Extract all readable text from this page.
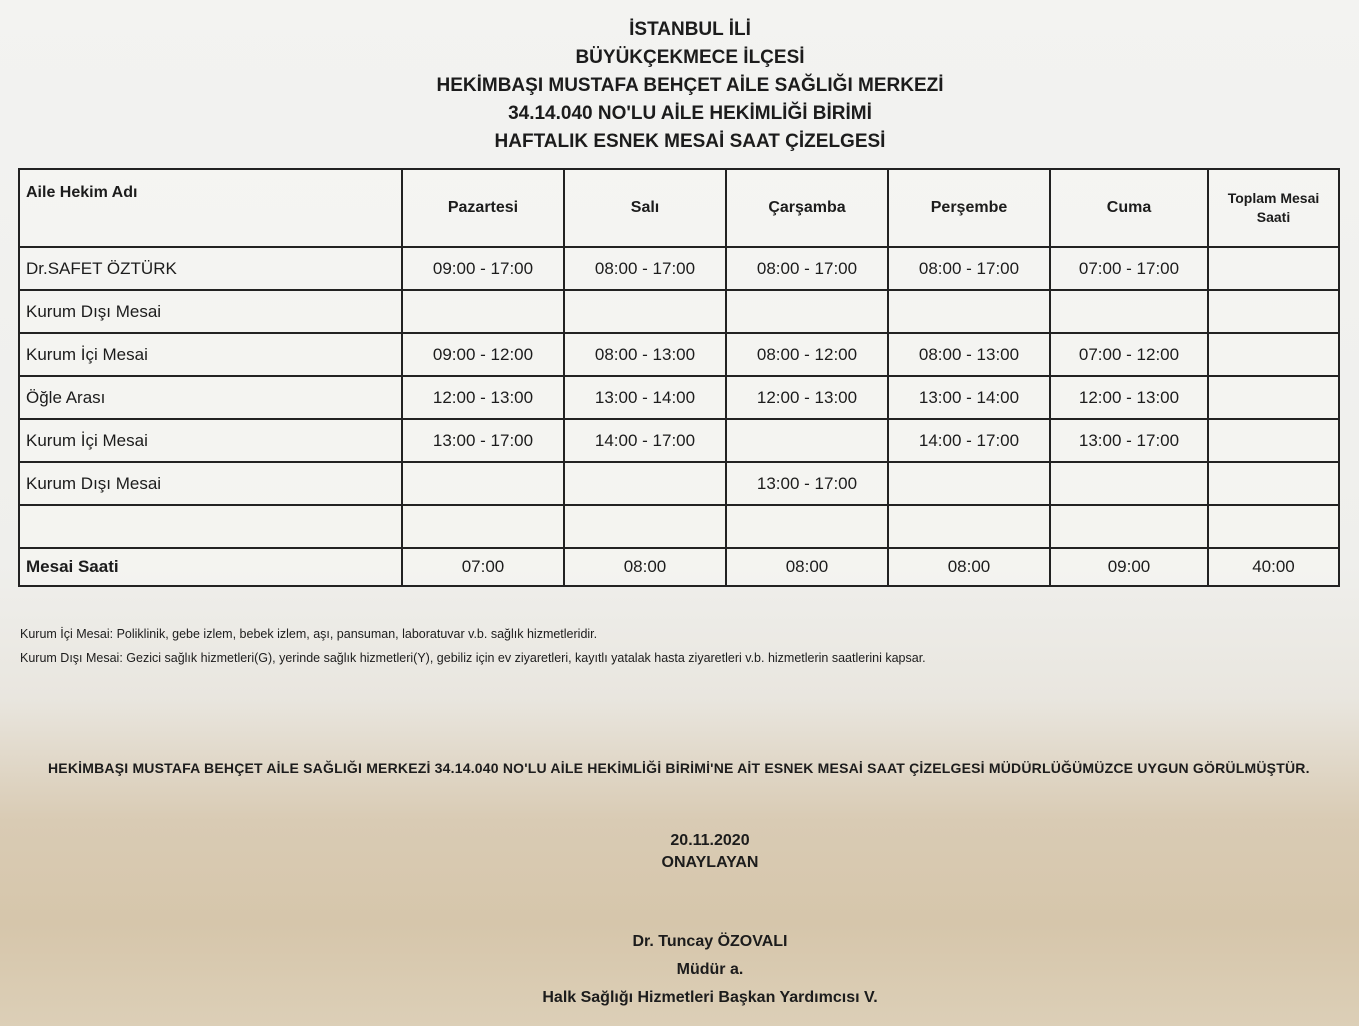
İSTANBUL İLİ
BÜYÜKÇEKMECE İLÇESİ
HEKİMBAŞI MUSTAFA BEHÇET AİLE SAĞLIĞI MERKEZİ
34.14.040 NO'LU AİLE HEKİMLİĞİ BİRİMİ
HAFTALIK ESNEK MESAİ SAAT ÇİZELGESİ
Aile Hekim Adı	Pazartesi	Salı	Çarşamba	Perşembe	Cuma	Toplam Mesai Saati
Dr.SAFET ÖZTÜRK	09:00 - 17:00	08:00 - 17:00	08:00 - 17:00	08:00 - 17:00	07:00 - 17:00	
Kurum Dışı Mesai						
Kurum İçi Mesai	09:00 - 12:00	08:00 - 13:00	08:00 - 12:00	08:00 - 13:00	07:00 - 12:00	
Öğle Arası	12:00 - 13:00	13:00 - 14:00	12:00 - 13:00	13:00 - 14:00	12:00 - 13:00	
Kurum İçi Mesai	13:00 - 17:00	14:00 - 17:00		14:00 - 17:00	13:00 - 17:00	
Kurum Dışı Mesai			13:00 - 17:00			

Mesai Saati	07:00	08:00	08:00	08:00	09:00	40:00
Kurum İçi Mesai: Poliklinik, gebe izlem, bebek izlem, aşı, pansuman, laboratuvar v.b. sağlık hizmetleridir.
Kurum Dışı Mesai: Gezici sağlık hizmetleri(G), yerinde sağlık hizmetleri(Y), gebiliz için ev ziyaretleri, kayıtlı yatalak hasta ziyaretleri v.b. hizmetlerin saatlerini kapsar.
HEKİMBAŞI MUSTAFA BEHÇET AİLE SAĞLIĞI MERKEZİ 34.14.040 NO'LU AİLE HEKİMLİĞİ BİRİMİ'NE AİT ESNEK MESAİ SAAT ÇİZELGESİ MÜDÜRLÜĞÜMÜZCE UYGUN GÖRÜLMÜŞTÜR.
20.11.2020
ONAYLAYAN
Dr. Tuncay ÖZOVALI
Müdür a.
Halk Sağlığı Hizmetleri Başkan Yardımcısı V.
